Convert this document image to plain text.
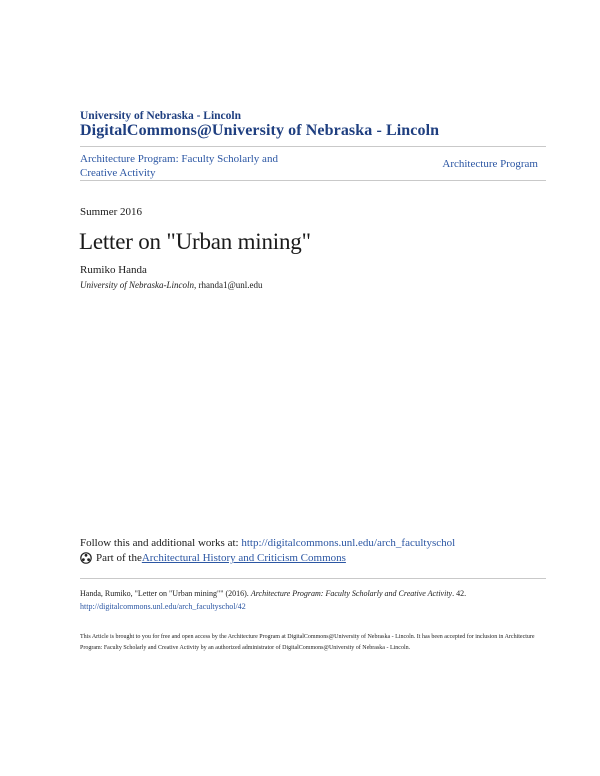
University of Nebraska - Lincoln
DigitalCommons@University of Nebraska - Lincoln
Architecture Program: Faculty Scholarly and Creative Activity
Architecture Program
Summer 2016
Letter on "Urban mining"
Rumiko Handa
University of Nebraska-Lincoln, rhanda1@unl.edu
Follow this and additional works at: http://digitalcommons.unl.edu/arch_facultyschol
Part of the Architectural History and Criticism Commons
Handa, Rumiko, "Letter on "Urban mining"" (2016). Architecture Program: Faculty Scholarly and Creative Activity. 42.
http://digitalcommons.unl.edu/arch_facultyschol/42
This Article is brought to you for free and open access by the Architecture Program at DigitalCommons@University of Nebraska - Lincoln. It has been accepted for inclusion in Architecture Program: Faculty Scholarly and Creative Activity by an authorized administrator of DigitalCommons@University of Nebraska - Lincoln.
